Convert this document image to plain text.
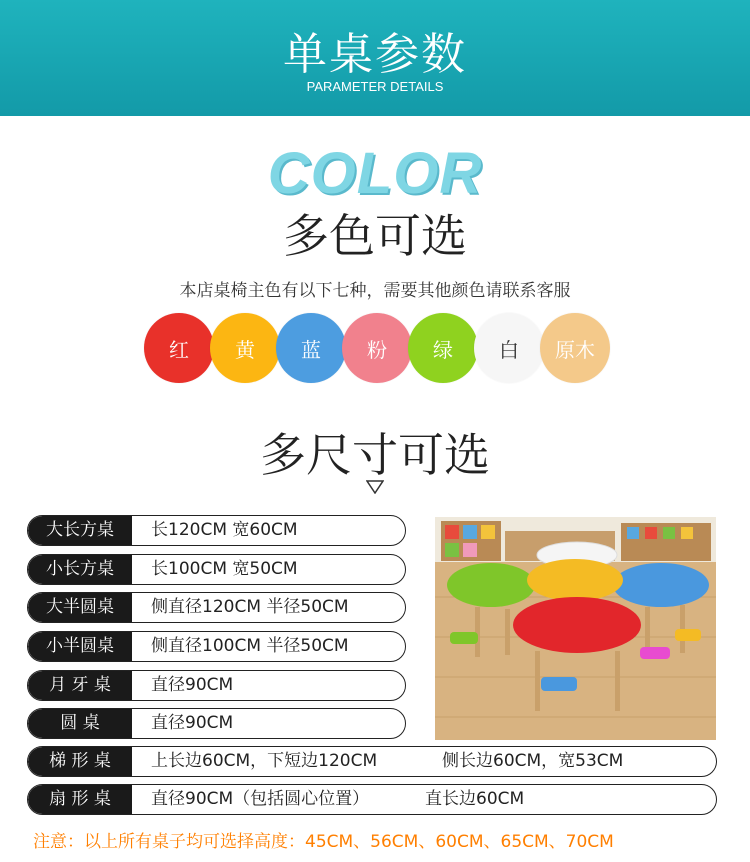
单桌参数
PARAMETER DETAILS
COLOR
多色可选
本店桌椅主色有以下七种，需要其他颜色请联系客服
红 黄 蓝 粉 绿 白 原木
多尺寸可选
大长方桌	长120CM 宽60CM
小长方桌	长100CM 宽50CM
大半圆桌	侧直径120CM 半径50CM
小半圆桌	侧直径100CM 半径50CM
月 牙 桌	直径90CM
圆 桌	直径90CM
梯 形 桌	上长边60CM，下短边120CM	侧长边60CM，宽53CM
扇 形 桌	直径90CM（包括圆心位置）	直长边60CM
注意：以上所有桌子均可选择高度：45CM、56CM、60CM、65CM、70CM
